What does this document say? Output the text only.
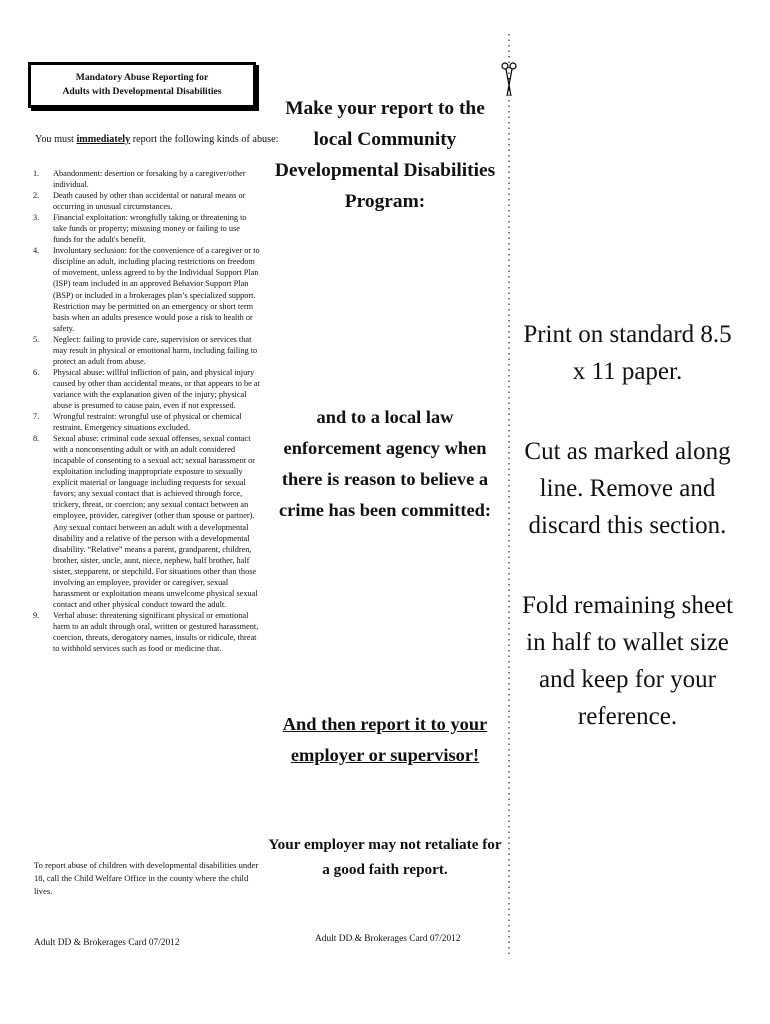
Mandatory Abuse Reporting for
Adults with Developmental Disabilities
You must immediately report the following kinds of abuse:
1. Abandonment: desertion or forsaking by a caregiver/other individual.
2. Death caused by other than accidental or natural means or occurring in unusual circumstances.
3. Financial exploitation: wrongfully taking or threatening to take funds or property; misusing money or failing to use funds for the adult's benefit.
4. Involuntary seclusion: for the convenience of a caregiver or to discipline an adult, including placing restrictions on freedom of movement, unless agreed to by the Individual Support Plan (ISP) team included in an approved Behavior Support Plan (BSP) or included in a brokerages plan’s specialized support. Restriction may be permitted on an emergency or short term basis when an adults presence would pose a risk to health or safety.
5. Neglect: failing to provide care, supervision or services that may result in physical or emotional harm, including failing to protect an adult from abuse.
6. Physical abuse: willful infliction of pain, and physical injury caused by other than accidental means, or that appears to be at variance with the explanation given of the injury; physical abuse is presumed to cause pain, even if not expressed.
7. Wrongful restraint: wrongful use of physical or chemical restraint. Emergency situations excluded.
8. Sexual abuse: criminal code sexual offenses, sexual contact with a nonconsenting adult or with an adult considered incapable of consenting to a sexual act; sexual harassment or exploitation including inappropriate exposure to sexually explicit material or language including requests for sexual favors; any sexual contact that is achieved through force, trickery, threat, or coercion; any sexual contact between an employee, provider, caregiver (other than spouse or partner). Any sexual contact between an adult with a developmental disability and a relative of the person with a developmental disability. “Relative” means a parent, grandparent, children, brother, sister, uncle, aunt, niece, nephew, half brother, half sister, stepparent, or stepchild. For situations other than those involving an employee, provider or caregiver, sexual harassment or exploitation means unwelcome physical sexual contact and other physical conduct toward the adult.
9. Verbal abuse: threatening significant physical or emotional harm to an adult through oral, written or gestured harassment, coercion, threats, derogatory names, insults or ridicule, threat to withhold services such as food or medicine that.
To report abuse of children with developmental disabilities under 18, call the Child Welfare Office in the county where the child lives.
Adult DD & Brokerages Card 07/2012
Make your report to the local Community Developmental Disabilities Program:
and to a local law enforcement agency when there is reason to believe a crime has been committed:
And then report it to your
employer or supervisor!
Your employer may not retaliate for a good faith report.
Adult DD & Brokerages Card 07/2012
Print on standard 8.5 x 11 paper.
Cut as marked along line. Remove and discard this section.
Fold remaining sheet in half to wallet size and keep for your reference.
